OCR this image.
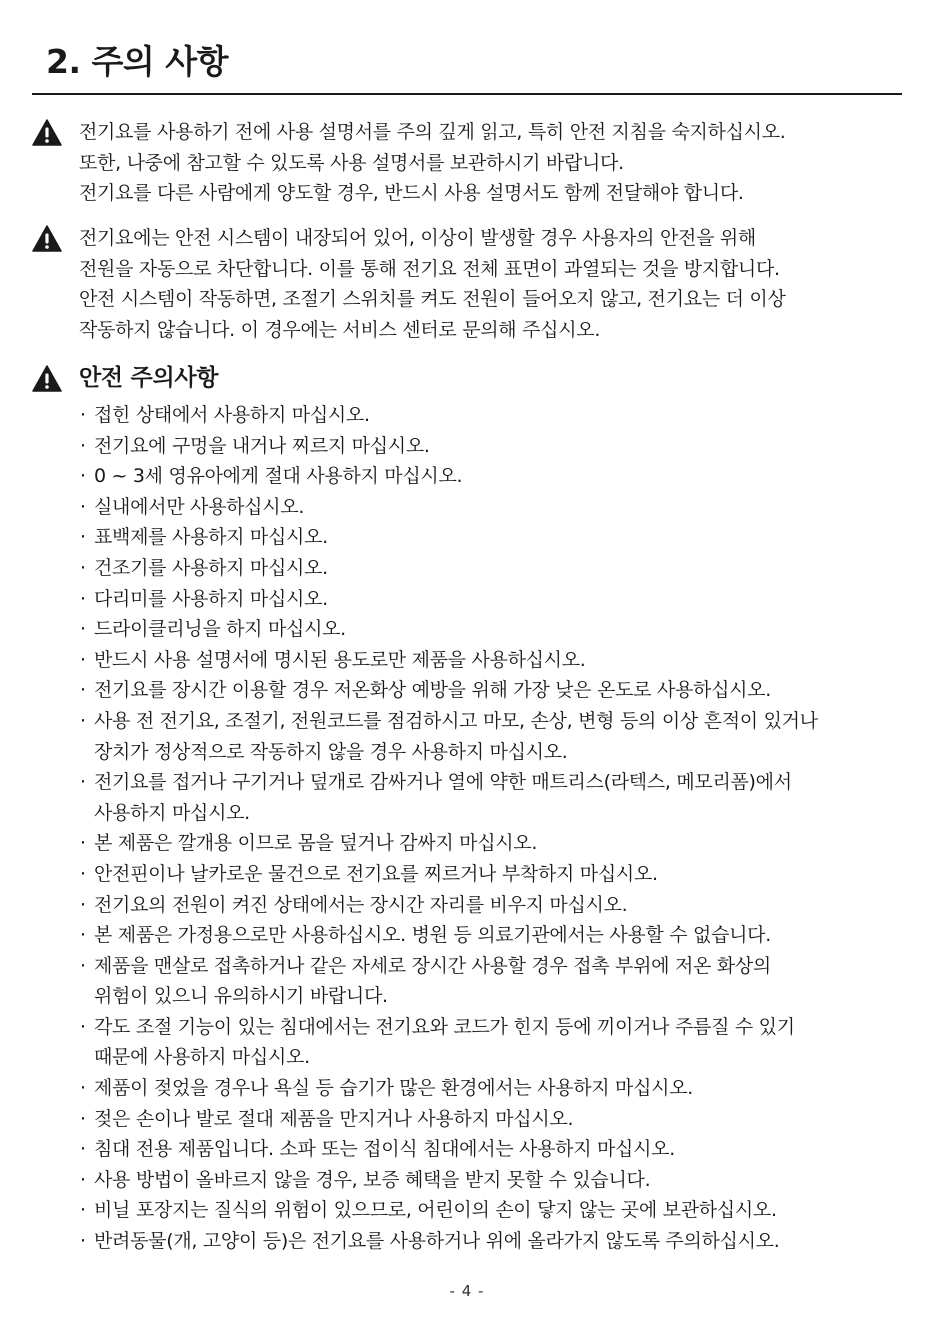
2. 주의 사항
전기요를 사용하기 전에 사용 설명서를 주의 깊게 읽고, 특히 안전 지침을 숙지하십시오.
또한, 나중에 참고할 수 있도록 사용 설명서를 보관하시기 바랍니다.
전기요를 다른 사람에게 양도할 경우, 반드시 사용 설명서도 함께 전달해야 합니다.
전기요에는 안전 시스템이 내장되어 있어, 이상이 발생할 경우 사용자의 안전을 위해
전원을 자동으로 차단합니다. 이를 통해 전기요 전체 표면이 과열되는 것을 방지합니다.
안전 시스템이 작동하면, 조절기 스위치를 켜도 전원이 들어오지 않고, 전기요는 더 이상
작동하지 않습니다. 이 경우에는 서비스 센터로 문의해 주십시오.
안전 주의사항
· 접힌 상태에서 사용하지 마십시오.
· 전기요에 구멍을 내거나 찌르지 마십시오.
· 0 ~ 3세 영유아에게 절대 사용하지 마십시오.
· 실내에서만 사용하십시오.
· 표백제를 사용하지 마십시오.
· 건조기를 사용하지 마십시오.
· 다리미를 사용하지 마십시오.
· 드라이클리닝을 하지 마십시오.
· 반드시 사용 설명서에 명시된 용도로만 제품을 사용하십시오.
· 전기요를 장시간 이용할 경우 저온화상 예방을 위해 가장 낮은 온도로 사용하십시오.
· 사용 전 전기요, 조절기, 전원코드를 점검하시고 마모, 손상, 변형 등의 이상 흔적이 있거나
장치가 정상적으로 작동하지 않을 경우 사용하지 마십시오.
· 전기요를 접거나 구기거나 덮개로 감싸거나 열에 약한 매트리스(라텍스, 메모리폼)에서
사용하지 마십시오.
· 본 제품은 깔개용 이므로 몸을 덮거나 감싸지 마십시오.
· 안전핀이나 날카로운 물건으로 전기요를 찌르거나 부착하지 마십시오.
· 전기요의 전원이 켜진 상태에서는 장시간 자리를 비우지 마십시오.
· 본 제품은 가정용으로만 사용하십시오. 병원 등 의료기관에서는 사용할 수 없습니다.
· 제품을 맨살로 접촉하거나 같은 자세로 장시간 사용할 경우 접촉 부위에 저온 화상의
위험이 있으니 유의하시기 바랍니다.
· 각도 조절 기능이 있는 침대에서는 전기요와 코드가 힌지 등에 끼이거나 주름질 수 있기
때문에 사용하지 마십시오.
· 제품이 젖었을 경우나 욕실 등 습기가 많은 환경에서는 사용하지 마십시오.
· 젖은 손이나 발로 절대 제품을 만지거나 사용하지 마십시오.
· 침대 전용 제품입니다. 소파 또는 접이식 침대에서는 사용하지 마십시오.
· 사용 방법이 올바르지 않을 경우, 보증 혜택을 받지 못할 수 있습니다.
· 비닐 포장지는 질식의 위험이 있으므로, 어린이의 손이 닿지 않는 곳에 보관하십시오.
· 반려동물(개, 고양이 등)은 전기요를 사용하거나 위에 올라가지 않도록 주의하십시오.
- 4 -
